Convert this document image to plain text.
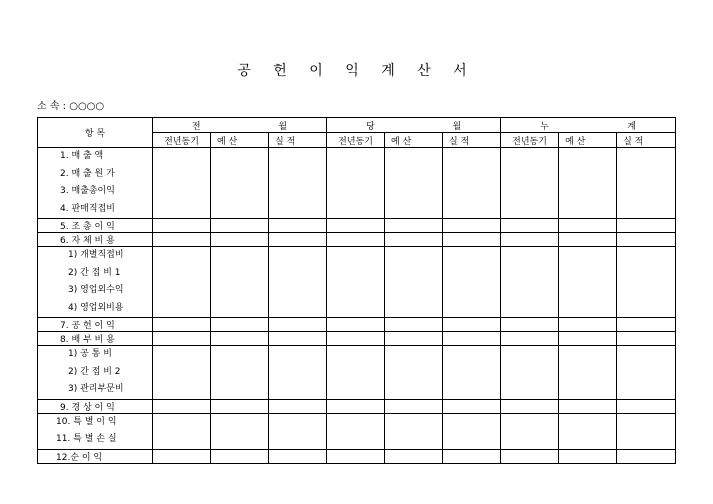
공 헌 이 익 계 산 서
소 속 : ○○○○
항 목	전 월			당 월			누 계		

	전년동기	예 산	실 적	전년동기	예 산	실 적	전년동기	예 산	실 적

1. 매 출 액
2. 매 출 원 가
3. 매출총이익
4. 판매직접비									

5. 조 총 이 익									

6. 자 체 비 용									

1) 개별직접비
2) 간 접 비 1
3) 영업외수익
4) 영업외비용									

7. 공 헌 이 익									

8. 배 부 비 용									

1) 공 통 비
2) 간 접 비 2
3) 관리부문비									

9. 경 상 이 익									

10. 특 별 이 익
11. 특 별 손 실									

12.순 이 익									
